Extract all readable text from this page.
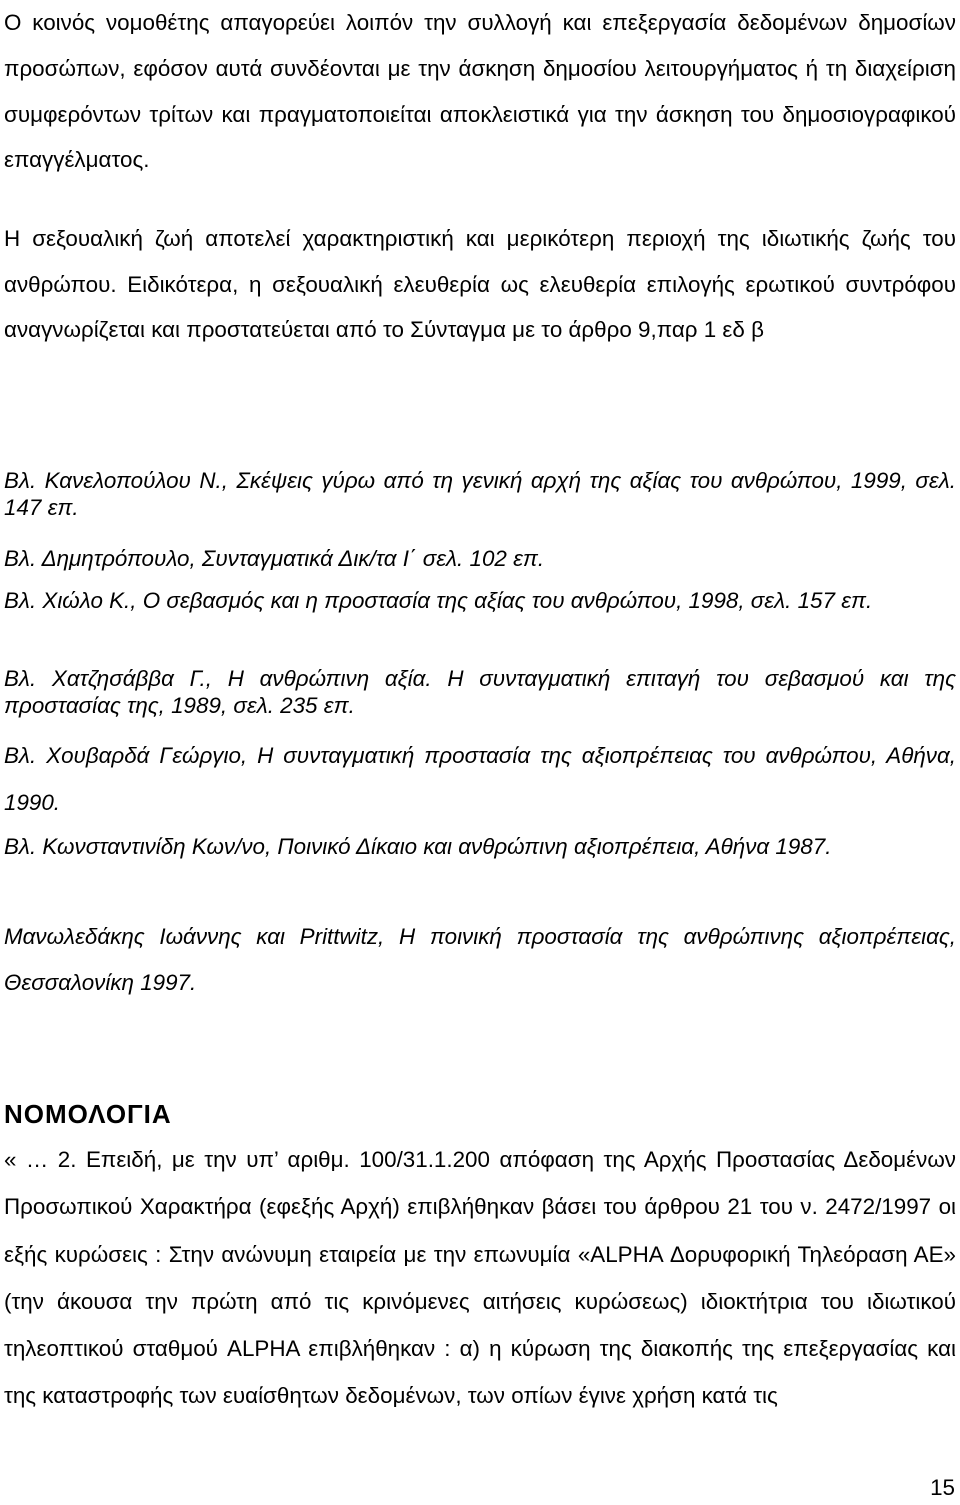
Ο κοινός νομοθέτης απαγορεύει λοιπόν την συλλογή και επεξεργασία δεδομένων δημοσίων προσώπων, εφόσον αυτά συνδέονται με την άσκηση δημοσίου λειτουργήματος ή τη διαχείριση συμφερόντων τρίτων και πραγματοποιείται αποκλειστικά για την άσκηση του δημοσιογραφικού επαγγέλματος.

Η σεξουαλική ζωή αποτελεί χαρακτηριστική και μερικότερη περιοχή της ιδιωτικής ζωής του ανθρώπου. Ειδικότερα, η σεξουαλική ελευθερία ως ελευθερία επιλογής ερωτικού συντρόφου αναγνωρίζεται και προστατεύεται από το Σύνταγμα με το άρθρο 9,παρ 1 εδ β

Βλ. Κανελοπούλου Ν., Σκέψεις γύρω από τη γενική αρχή της αξίας του ανθρώπου, 1999, σελ. 147 επ.

Βλ. Δημητρόπουλο, Συνταγματικά Δικ/τα Ι΄ σελ. 102 επ.

Βλ. Χιώλο Κ., Ο σεβασμός και η προστασία της αξίας του ανθρώπου, 1998, σελ. 157 επ.

Βλ. Χατζησάββα Γ., Η ανθρώπινη αξία. Η συνταγματική επιταγή του σεβασμού και της προστασίας της, 1989, σελ. 235 επ.

Βλ. Χουβαρδά Γεώργιο, Η συνταγματική προστασία της αξιοπρέπειας του ανθρώπου, Αθήνα, 1990.

Βλ. Κωνσταντινίδη Κων/νο, Ποινικό Δίκαιο και ανθρώπινη αξιοπρέπεια, Αθήνα 1987.

Μανωλεδάκης Ιωάννης και Prittwitz, Η ποινική προστασία της ανθρώπινης αξιοπρέπειας, Θεσσαλονίκη 1997.

ΝΟΜΟΛΟΓΙΑ

« … 2. Επειδή, με την υπ’ αριθμ. 100/31.1.200 απόφαση της Αρχής Προστασίας Δεδομένων Προσωπικού Χαρακτήρα (εφεξής Αρχή) επιβλήθηκαν βάσει του άρθρου 21 του ν. 2472/1997 οι εξής κυρώσεις : Στην ανώνυμη εταιρεία με την επωνυμία «ALPHA Δορυφορική Τηλεόραση ΑΕ» (την άκουσα την πρώτη από τις κρινόμενες αιτήσεις κυρώσεως) ιδιοκτήτρια του ιδιωτικού τηλεοπτικού σταθμού ALPHA επιβλήθηκαν : α) η κύρωση της διακοπής της επεξεργασίας και της καταστροφής των ευαίσθητων δεδομένων, των οπίων έγινε χρήση κατά τις

15
